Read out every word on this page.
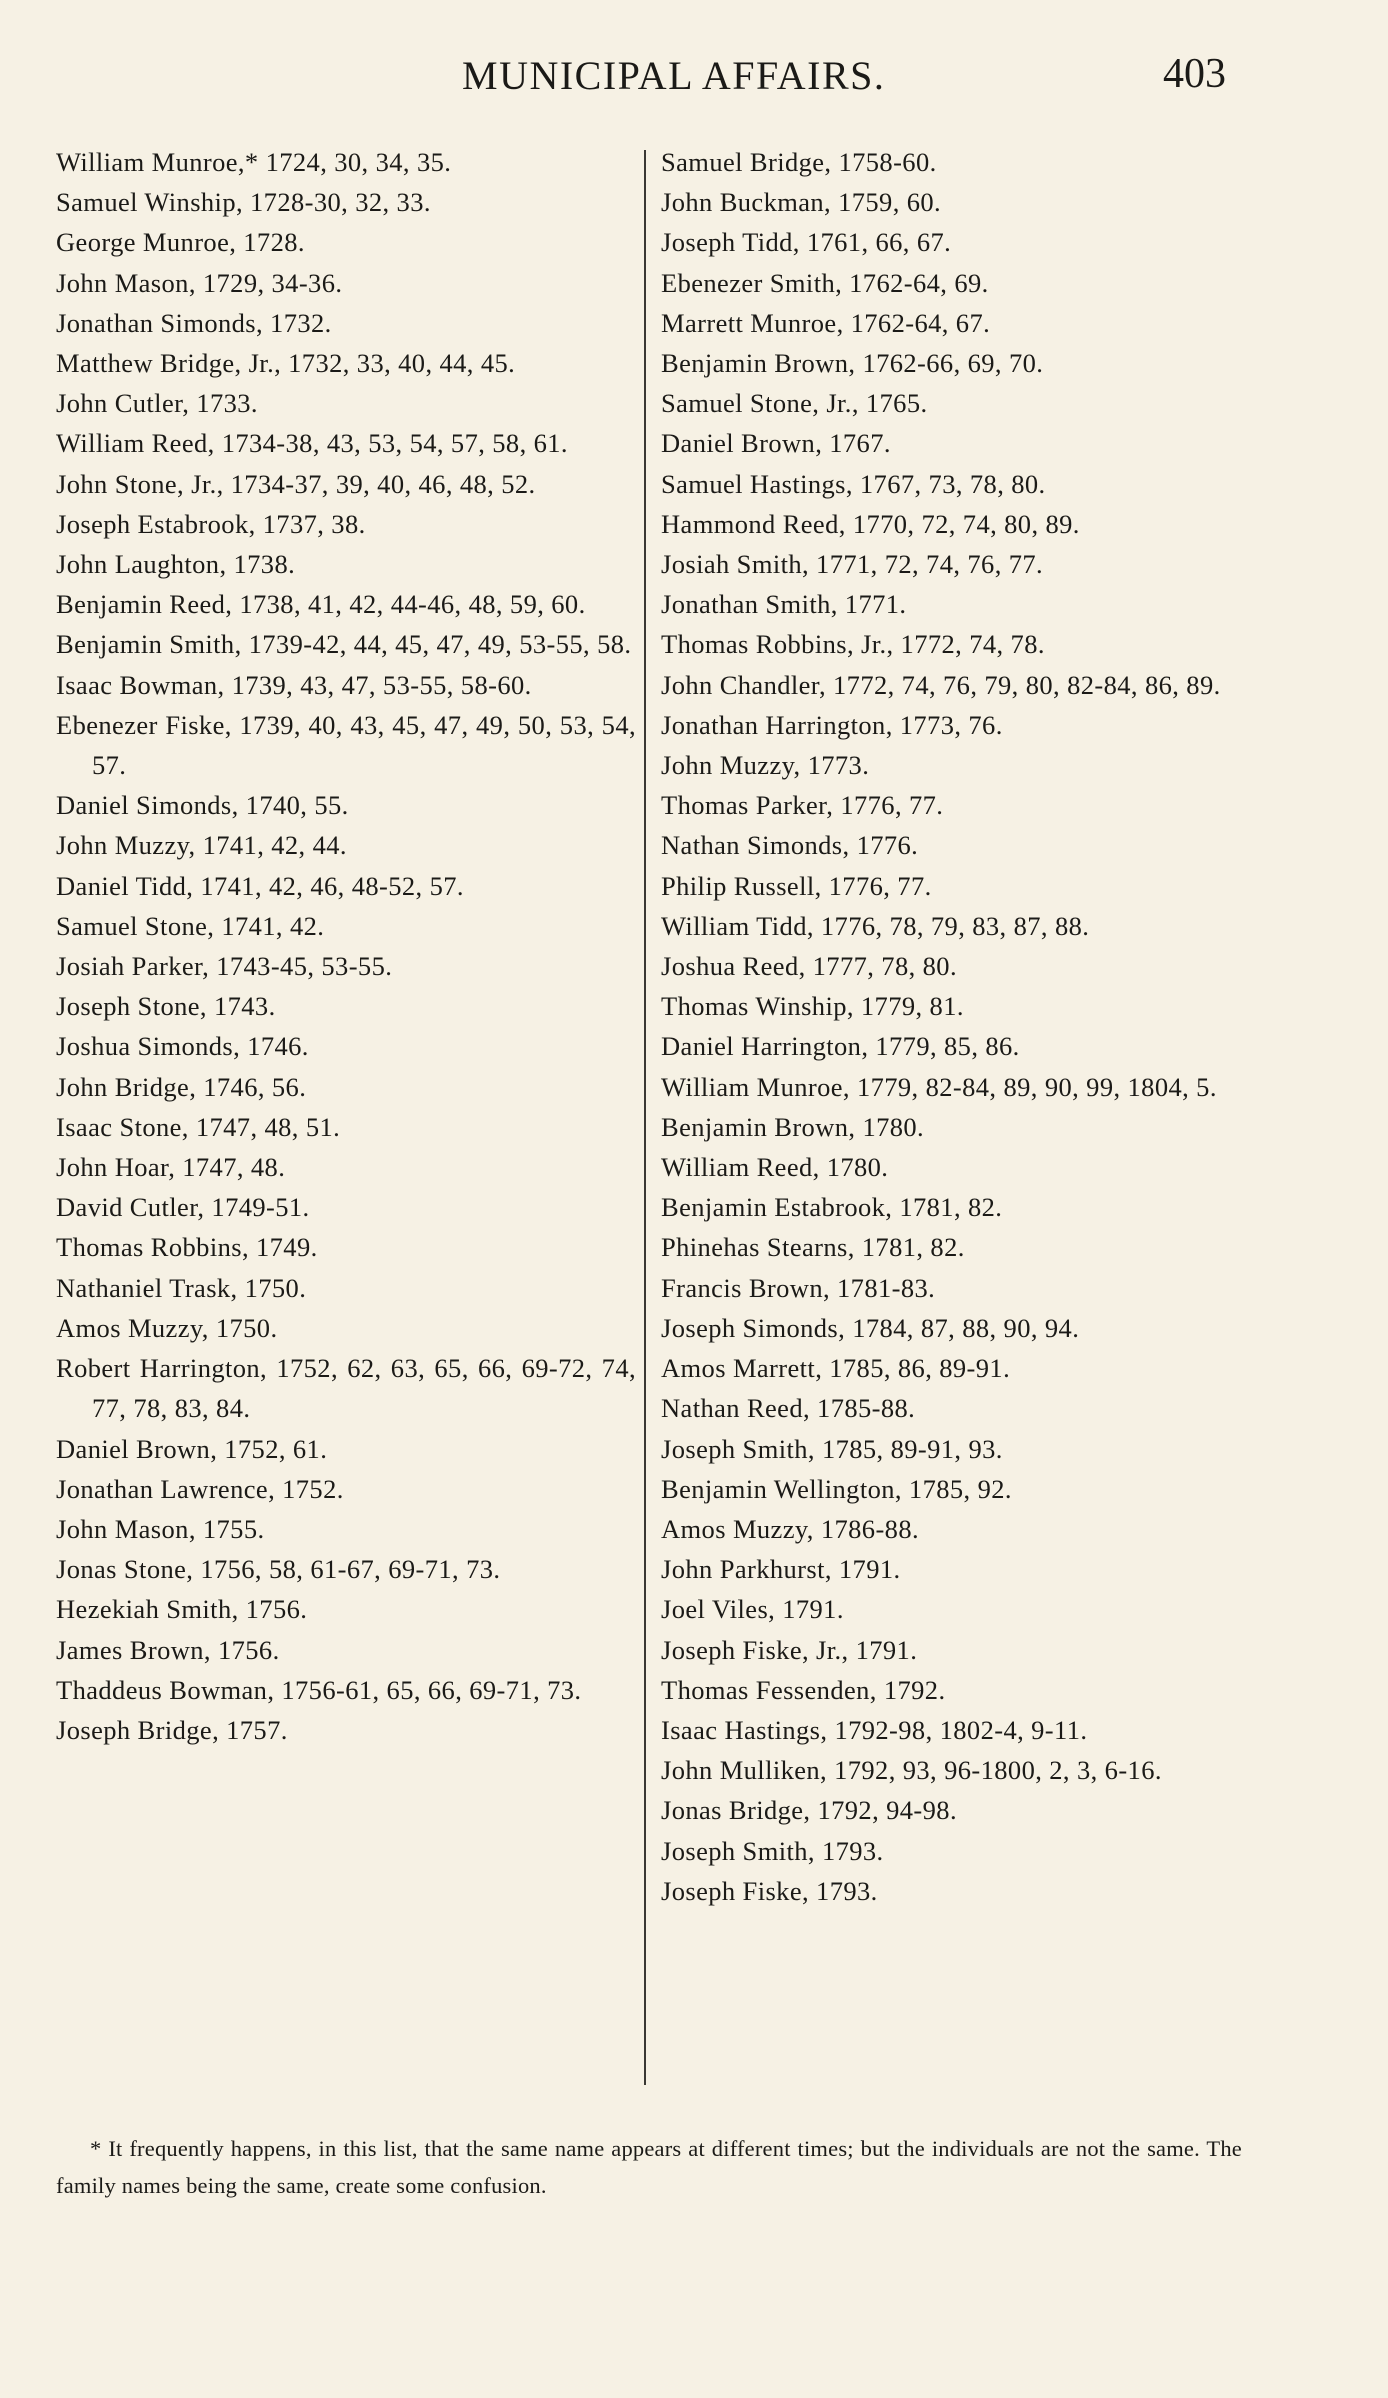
MUNICIPAL AFFAIRS.	403
William Munroe,* 1724, 30, 34, 35.
Samuel Winship, 1728-30, 32, 33.
George Munroe, 1728.
John Mason, 1729, 34-36.
Jonathan Simonds, 1732.
Matthew Bridge, Jr., 1732, 33, 40, 44, 45.
John Cutler, 1733.
William Reed, 1734-38, 43, 53, 54, 57, 58, 61.
John Stone, Jr., 1734-37, 39, 40, 46, 48, 52.
Joseph Estabrook, 1737, 38.
John Laughton, 1738.
Benjamin Reed, 1738, 41, 42, 44-46, 48, 59, 60.
Benjamin Smith, 1739-42, 44, 45, 47, 49, 53-55, 58.
Isaac Bowman, 1739, 43, 47, 53-55, 58-60.
Ebenezer Fiske, 1739, 40, 43, 45, 47, 49, 50, 53, 54, 57.
Daniel Simonds, 1740, 55.
John Muzzy, 1741, 42, 44.
Daniel Tidd, 1741, 42, 46, 48-52, 57.
Samuel Stone, 1741, 42.
Josiah Parker, 1743-45, 53-55.
Joseph Stone, 1743.
Joshua Simonds, 1746.
John Bridge, 1746, 56.
Isaac Stone, 1747, 48, 51.
John Hoar, 1747, 48.
David Cutler, 1749-51.
Thomas Robbins, 1749.
Nathaniel Trask, 1750.
Amos Muzzy, 1750.
Robert Harrington, 1752, 62, 63, 65, 66, 69-72, 74, 77, 78, 83, 84.
Daniel Brown, 1752, 61.
Jonathan Lawrence, 1752.
John Mason, 1755.
Jonas Stone, 1756, 58, 61-67, 69-71, 73.
Hezekiah Smith, 1756.
James Brown, 1756.
Thaddeus Bowman, 1756-61, 65, 66, 69-71, 73.
Joseph Bridge, 1757.
Samuel Bridge, 1758-60.
John Buckman, 1759, 60.
Joseph Tidd, 1761, 66, 67.
Ebenezer Smith, 1762-64, 69.
Marrett Munroe, 1762-64, 67.
Benjamin Brown, 1762-66, 69, 70.
Samuel Stone, Jr., 1765.
Daniel Brown, 1767.
Samuel Hastings, 1767, 73, 78, 80.
Hammond Reed, 1770, 72, 74, 80, 89.
Josiah Smith, 1771, 72, 74, 76, 77.
Jonathan Smith, 1771.
Thomas Robbins, Jr., 1772, 74, 78.
John Chandler, 1772, 74, 76, 79, 80, 82-84, 86, 89.
Jonathan Harrington, 1773, 76.
John Muzzy, 1773.
Thomas Parker, 1776, 77.
Nathan Simonds, 1776.
Philip Russell, 1776, 77.
William Tidd, 1776, 78, 79, 83, 87, 88.
Joshua Reed, 1777, 78, 80.
Thomas Winship, 1779, 81.
Daniel Harrington, 1779, 85, 86.
William Munroe, 1779, 82-84, 89, 90, 99, 1804, 5.
Benjamin Brown, 1780.
William Reed, 1780.
Benjamin Estabrook, 1781, 82.
Phinehas Stearns, 1781, 82.
Francis Brown, 1781-83.
Joseph Simonds, 1784, 87, 88, 90, 94.
Amos Marrett, 1785, 86, 89-91.
Nathan Reed, 1785-88.
Joseph Smith, 1785, 89-91, 93.
Benjamin Wellington, 1785, 92.
Amos Muzzy, 1786-88.
John Parkhurst, 1791.
Joel Viles, 1791.
Joseph Fiske, Jr., 1791.
Thomas Fessenden, 1792.
Isaac Hastings, 1792-98, 1802-4, 9-11.
John Mulliken, 1792, 93, 96-1800, 2, 3, 6-16.
Jonas Bridge, 1792, 94-98.
Joseph Smith, 1793.
Joseph Fiske, 1793.
* It frequently happens, in this list, that the same name appears at different times; but the individuals are not the same. The family names being the same, create some confusion.
